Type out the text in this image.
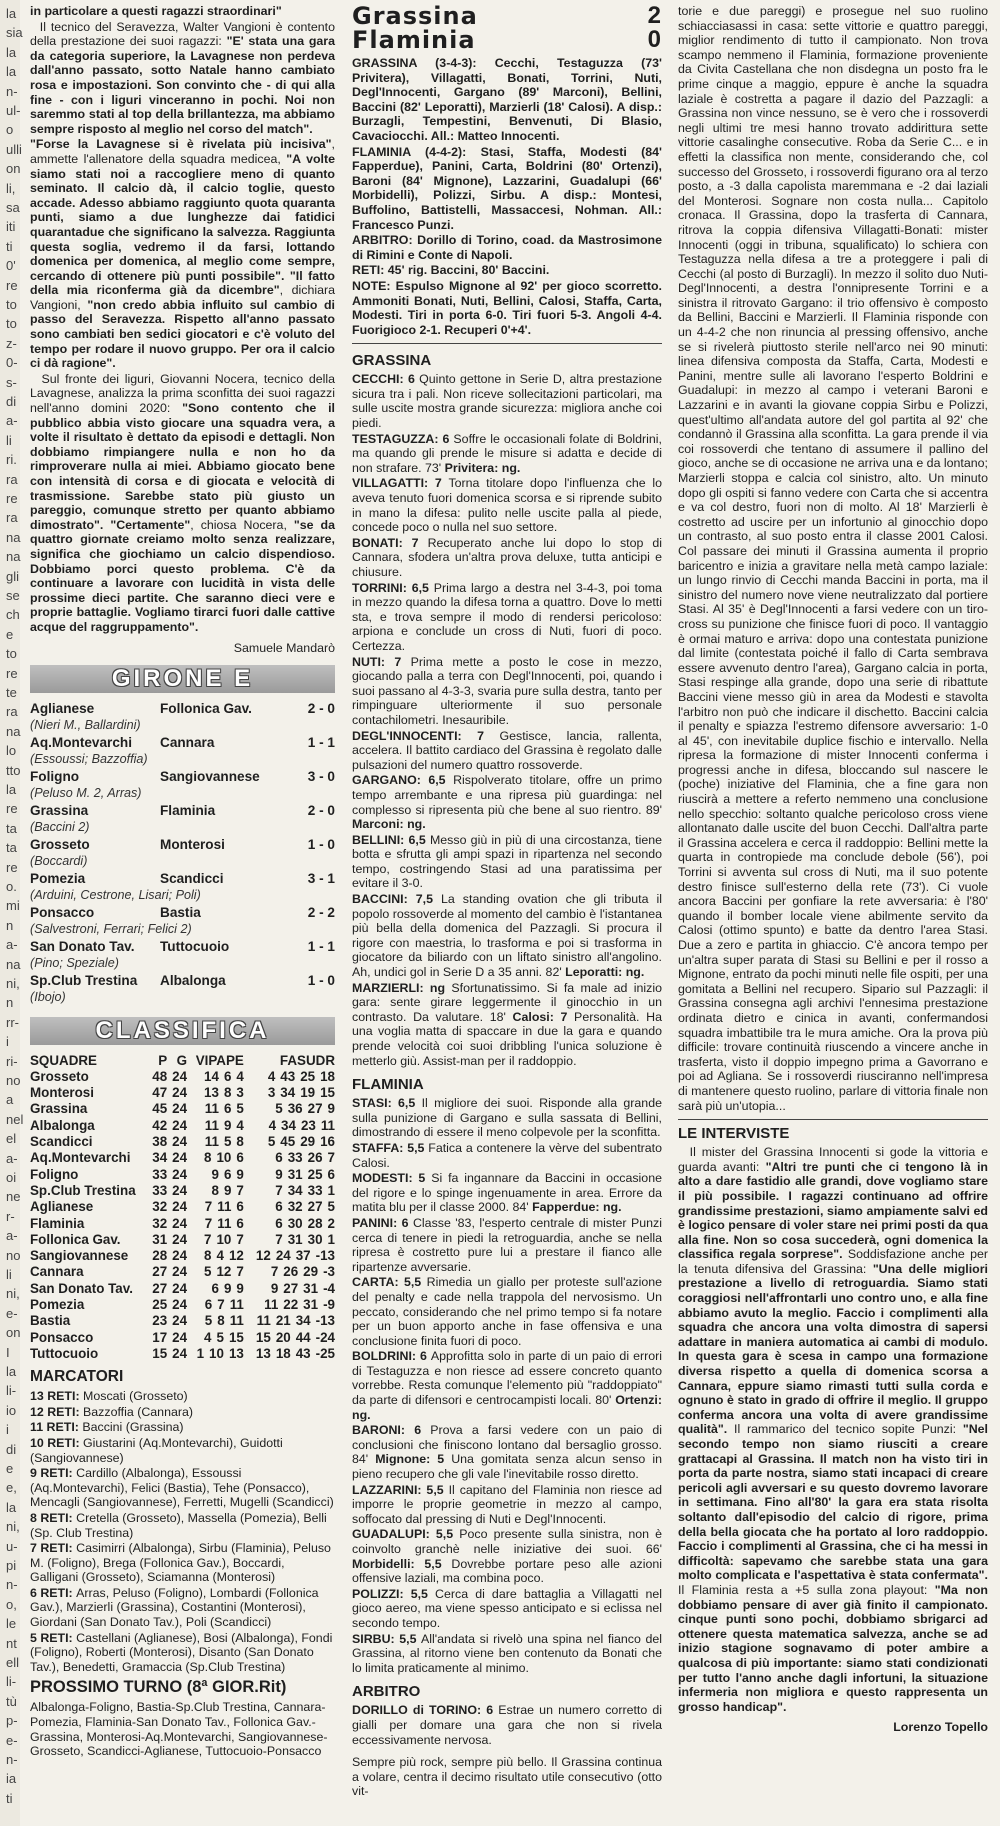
la
sia
la
la
n-
ul-
o
ulli
on
li,
sa
iti
ti
0'
re
to
to
z-
0-
s-
di
a-
li
ri.
ra
re
ra
na
na
gli
se
ch
e
to
re
te
ra
na
lo
tto
la
re
ta
ta
re
o.
mi
n
a-
na
ni,
n
rr-
i
ri-
no
a
nel
el
a-
oi
ne
r-
a-
no
li
ni,
e-
on
I
la
li-
io
i
di
e
e,
la
ni,
u-
pi
n-
o,
le
nt
ell
li-
tù
p-
e-
n-
ia
ti

in particolare a questi ragazzi straordinari"

Il tecnico del Seravezza, Walter Vangioni è contento della prestazione dei suoi ragazzi: "E' stata una gara da categoria superiore, la Lavagnese non perdeva dall'anno passato, sotto Natale hanno cambiato rosa e impostazioni. Son convinto che - di qui alla fine - con i liguri vinceranno in pochi. Noi non saremmo stati al top della brillantezza, ma abbiamo sempre risposto al meglio nel corso del match".

"Forse la Lavagnese si è rivelata più incisiva", ammette l'allenatore della squadra medicea, "A volte siamo stati noi a raccogliere meno di quanto seminato. Il calcio dà, il calcio toglie, questo accade. Adesso abbiamo raggiunto quota quaranta punti, siamo a due lunghezze dai fatidici quarantadue che significano la salvezza. Raggiunta questa soglia, vedremo il da farsi, lottando domenica per domenica, al meglio come sempre, cercando di ottenere più punti possibile". "Il fatto della mia riconferma già da dicembre", dichiara Vangioni, "non credo abbia influito sul cambio di passo del Seravezza. Rispetto all'anno passato sono cambiati ben sedici giocatori e c'è voluto del tempo per rodare il nuovo gruppo. Per ora il calcio ci dà ragione".

Sul fronte dei liguri, Giovanni Nocera, tecnico della Lavagnese, analizza la prima sconfitta dei suoi ragazzi nell'anno domini 2020: "Sono contento che il pubblico abbia visto giocare una squadra vera, a volte il risultato è dettato da episodi e dettagli. Non dobbiamo rimpiangere nulla e non ho da rimproverare nulla ai miei. Abbiamo giocato bene con intensità di corsa e di giocata e velocità di trasmissione. Sarebbe stato più giusto un pareggio, comunque stretto per quanto abbiamo dimostrato". "Certamente", chiosa Nocera, "se da quattro giornate creiamo molto senza realizzare, significa che giochiamo un calcio dispendioso. Dobbiamo porci questo problema. C'è da continuare a lavorare con lucidità in vista delle prossime dieci partite. Che saranno dieci vere e proprie battaglie. Vogliamo tirarci fuori dalle cattive acque del raggruppamento".

Samuele Mandarò
GIRONE E
Aglianese	Follonica Gav.	2 - 0
(Nieri M., Ballardini)
Aq.Montevarchi	Cannara	1 - 1
(Essoussi; Bazzoffia)
Foligno	Sangiovannese	3 - 0
(Peluso M. 2, Arras)
Grassina	Flaminia	2 - 0
(Baccini 2)
Grosseto	Monterosi	1 - 0
(Boccardi)
Pomezia	Scandicci	3 - 1
(Arduini, Cestrone, Lisari; Poli)
Ponsacco	Bastia	2 - 2
(Salvestroni, Ferrari; Felici 2)
San Donato Tav.	Tuttocuoio	1 - 1
(Pino; Speziale)
Sp.Club Trestina	Albalonga	1 - 0
(Ibojo)
CLASSIFICA
SQUADRE	P	G	VIPAPE	FASUDR
Grosseto	48	24	14 6 4	4 43 25 18
Monterosi	47	24	13 8 3	3 34 19 15
Grassina	45	24	11 6 5	5 36 27 9
Albalonga	42	24	11 9 4	4 34 23 11
Scandicci	38	24	11 5 8	5 45 29 16
Aq.Montevarchi	34	24	8 10 6	6 33 26 7
Foligno	33	24	9 6 9	9 31 25 6
Sp.Club Trestina	33	24	8 9 7	7 34 33 1
Aglianese	32	24	7 11 6	6 32 27 5
Flaminia	32	24	7 11 6	6 30 28 2
Follonica Gav.	31	24	7 10 7	7 31 30 1
Sangiovannese	28	24	8 4 12	12 24 37 -13
Cannara	27	24	5 12 7	7 26 29 -3
San Donato Tav.	27	24	6 9 9	9 27 31 -4
Pomezia	25	24	6 7 11	11 22 31 -9
Bastia	23	24	5 8 11	11 21 34 -13
Ponsacco	17	24	4 5 15	15 20 44 -24
Tuttocuoio	15	24	1 10 13	13 18 43 -25
MARCATORI

13 RETI: Moscati (Grosseto)

12 RETI: Bazzoffia (Cannara)

11 RETI: Baccini (Grassina)

10 RETI: Giustarini (Aq.Montevarchi), Guidotti (Sangiovannese)

9 RETI: Cardillo (Albalonga), Essoussi (Aq.Montevarchi), Felici (Bastia), Tehe (Ponsacco), Mencagli (Sangiovannese), Ferretti, Mugelli (Scandicci)

8 RETI: Cretella (Grosseto), Massella (Pomezia), Belli (Sp. Club Trestina)

7 RETI: Casimirri (Albalonga), Sirbu (Flaminia), Peluso M. (Foligno), Brega (Follonica Gav.), Boccardi, Galligani (Grosseto), Sciamanna (Monterosi)

6 RETI: Arras, Peluso (Foligno), Lombardi (Follonica Gav.), Marzierli (Grassina), Costantini (Monterosi), Giordani (San Donato Tav.), Poli (Scandicci)

5 RETI: Castellani (Aglianese), Bosi (Albalonga), Fondi (Foligno), Roberti (Monterosi), Disanto (San Donato Tav.), Benedetti, Gramaccia (Sp.Club Trestina)

PROSSIMO TURNO (8ª GIOR.Rit)

Albalonga-Foligno, Bastia-Sp.Club Trestina, Cannara-Pomezia, Flaminia-San Donato Tav., Follonica Gav.-Grassina, Monterosi-Aq.Montevarchi, Sangiovannese-Grosseto, Scandicci-Aglianese, Tuttocuoio-Ponsacco

Grassina	2
Flaminia	0

GRASSINA (3-4-3): Cecchi, Testaguzza (73' Privitera), Villagatti, Bonati, Torrini, Nuti, Degl'Innocenti, Gargano (89' Marconi), Bellini, Baccini (82' Leporatti), Marzierli (18' Calosi). A disp.: Burzagli, Tempestini, Benvenuti, Di Blasio, Cavaciocchi. All.: Matteo Innocenti.

FLAMINIA (4-4-2): Stasi, Staffa, Modesti (84' Fapperdue), Panini, Carta, Boldrini (80' Ortenzi), Baroni (84' Mignone), Lazzarini, Guadalupi (66' Morbidelli), Polizzi, Sirbu. A disp.: Montesi, Buffolino, Battistelli, Massaccesi, Nohman. All.: Francesco Punzi.

ARBITRO: Dorillo di Torino, coad. da Mastrosimone di Rimini e Conte di Napoli.

RETI: 45' rig. Baccini, 80' Baccini.

NOTE: Espulso Mignone al 92' per gioco scorretto. Ammoniti Bonati, Nuti, Bellini, Calosi, Staffa, Carta, Modesti. Tiri in porta 6-0. Tiri fuori 5-3. Angoli 4-4. Fuorigioco 2-1. Recuperi 0'+4'.

GRASSINA

CECCHI: 6 Quinto gettone in Serie D, altra prestazione sicura tra i pali. Non riceve sollecitazioni particolari, ma sulle uscite mostra grande sicurezza: migliora anche coi piedi.

TESTAGUZZA: 6 Soffre le occasionali folate di Boldrini, ma quando gli prende le misure si adatta e decide di non strafare. 73' Privitera: ng.

VILLAGATTI: 7 Torna titolare dopo l'influenza che lo aveva tenuto fuori domenica scorsa e si riprende subito in mano la difesa: pulito nelle uscite palla al piede, concede poco o nulla nel suo settore.

BONATI: 7 Recuperato anche lui dopo lo stop di Cannara, sfodera un'altra prova deluxe, tutta anticipi e chiusure.

TORRINI: 6,5 Prima largo a destra nel 3-4-3, poi toma in mezzo quando la difesa torna a quattro. Dove lo metti sta, e trova sempre il modo di rendersi pericoloso: arpiona e conclude un cross di Nuti, fuori di poco. Certezza.

NUTI: 7 Prima mette a posto le cose in mezzo, giocando palla a terra con Degl'Innocenti, poi, quando i suoi passano al 4-3-3, svaria pure sulla destra, tanto per rimpinguare ulteriormente il suo personale contachilometri. Inesauribile.

DEGL'INNOCENTI: 7 Gestisce, lancia, rallenta, accelera. Il battito cardiaco del Grassina è regolato dalle pulsazioni del numero quattro rossoverde.

GARGANO: 6,5 Rispolverato titolare, offre un primo tempo arrembante e una ripresa più guardinga: nel complesso si ripresenta più che bene al suo rientro. 89' Marconi: ng.

BELLINI: 6,5 Messo giù in più di una circostanza, tiene botta e sfrutta gli ampi spazi in ripartenza nel secondo tempo, costringendo Stasi ad una paratissima per evitare il 3-0.

BACCINI: 7,5 La standing ovation che gli tributa il popolo rossoverde al momento del cambio è l'istantanea più bella della domenica del Pazzagli. Si procura il rigore con maestria, lo trasforma e poi si trasforma in giocatore da biliardo con un liftato sinistro all'angolino. Ah, undici gol in Serie D a 35 anni. 82' Leporatti: ng.

MARZIERLI: ng Sfortunatissimo. Si fa male ad inizio gara: sente girare leggermente il ginocchio in un contrasto. Da valutare. 18' Calosi: 7 Personalità. Ha una voglia matta di spaccare in due la gara e quando prende velocità coi suoi dribbling l'unica soluzione è metterlo giù. Assist-man per il raddoppio.

FLAMINIA

STASI: 6,5 Il migliore dei suoi. Risponde alla grande sulla punizione di Gargano e sulla sassata di Bellini, dimostrando di essere il meno colpevole per la sconfitta.

STAFFA: 5,5 Fatica a contenere la vèrve del subentrato Calosi.

MODESTI: 5 Si fa ingannare da Baccini in occasione del rigore e lo spinge ingenuamente in area. Errore da matita blu per il classe 2000. 84' Fapperdue: ng.

PANINI: 6 Classe '83, l'esperto centrale di mister Punzi cerca di tenere in piedi la retroguardia, anche se nella ripresa è costretto pure lui a prestare il fianco alle ripartenze avversarie.

CARTA: 5,5 Rimedia un giallo per proteste sull'azione del penalty e cade nella trappola del nervosismo. Un peccato, considerando che nel primo tempo si fa notare per un buon apporto anche in fase offensiva e una conclusione finita fuori di poco.

BOLDRINI: 6 Approfitta solo in parte di un paio di errori di Testaguzza e non riesce ad essere concreto quanto vorrebbe. Resta comunque l'elemento più "raddoppiato" da parte di difensori e centrocampisti locali. 80' Ortenzi: ng.

BARONI: 6 Prova a farsi vedere con un paio di conclusioni che finiscono lontano dal bersaglio grosso. 84' Mignone: 5 Una gomitata senza alcun senso in pieno recupero che gli vale l'inevitabile rosso diretto.

LAZZARINI: 5,5 Il capitano del Flaminia non riesce ad imporre le proprie geometrie in mezzo al campo, soffocato dal pressing di Nuti e Degl'Innocenti.

GUADALUPI: 5,5 Poco presente sulla sinistra, non è coinvolto granchè nelle iniziative dei suoi. 66' Morbidelli: 5,5 Dovrebbe portare peso alle azioni offensive laziali, ma combina poco.

POLIZZI: 5,5 Cerca di dare battaglia a Villagatti nel gioco aereo, ma viene spesso anticipato e si eclissa nel secondo tempo.

SIRBU: 5,5 All'andata si rivelò una spina nel fianco del Grassina, al ritorno viene ben contenuto da Bonati che lo limita praticamente al minimo.

ARBITRO

DORILLO di TORINO: 6 Estrae un numero corretto di gialli per domare una gara che non si rivela eccessivamente nervosa.

Sempre più rock, sempre più bello. Il Grassina continua a volare, centra il decimo risultato utile consecutivo (otto vit-

torie e due pareggi) e prosegue nel suo ruolino schiacciasassi in casa: sette vittorie e quattro pareggi, miglior rendimento di tutto il campionato. Non trova scampo nemmeno il Flaminia, formazione proveniente da Civita Castellana che non disdegna un posto fra le prime cinque a maggio, eppure è anche la squadra laziale è costretta a pagare il dazio del Pazzagli: a Grassina non vince nessuno, se è vero che i rossoverdi negli ultimi tre mesi hanno trovato addirittura sette vittorie casalinghe consecutive. Roba da Serie C... e in effetti la classifica non mente, considerando che, col successo del Grosseto, i rossoverdi figurano ora al terzo posto, a -3 dalla capolista maremmana e -2 dai laziali del Monterosi. Sognare non costa nulla... Capitolo cronaca. Il Grassina, dopo la trasferta di Cannara, ritrova la coppia difensiva Villagatti-Bonati: mister Innocenti (oggi in tribuna, squalificato) lo schiera con Testaguzza nella difesa a tre a proteggere i pali di Cecchi (al posto di Burzagli). In mezzo il solito duo Nuti-Degl'Innocenti, a destra l'onnipresente Torrini e a sinistra il ritrovato Gargano: il trio offensivo è composto da Bellini, Baccini e Marzierli. Il Flaminia risponde con un 4-4-2 che non rinuncia al pressing offensivo, anche se si rivelerà piuttosto sterile nell'arco nei 90 minuti: linea difensiva composta da Staffa, Carta, Modesti e Panini, mentre sulle ali lavorano l'esperto Boldrini e Guadalupi: in mezzo al campo i veterani Baroni e Lazzarini e in avanti la giovane coppia Sirbu e Polizzi, quest'ultimo all'andata autore del gol partita al 92' che condannò il Grassina alla sconfitta. La gara prende il via coi rossoverdi che tentano di assumere il pallino del gioco, anche se di occasione ne arriva una e da lontano; Marzierli stoppa e calcia col sinistro, alto. Un minuto dopo gli ospiti si fanno vedere con Carta che si accentra e va col destro, fuori non di molto. Al 18' Marzierli è costretto ad uscire per un infortunio al ginocchio dopo un contrasto, al suo posto entra il classe 2001 Calosi. Col passare dei minuti il Grassina aumenta il proprio baricentro e inizia a gravitare nella metà campo laziale: un lungo rinvio di Cecchi manda Baccini in porta, ma il sinistro del numero nove viene neutralizzato dal portiere Stasi. Al 35' è Degl'Innocenti a farsi vedere con un tiro-cross su punizione che finisce fuori di poco. Il vantaggio è ormai maturo e arriva: dopo una contestata punizione dal limite (contestata poiché il fallo di Carta sembrava essere avvenuto dentro l'area), Gargano calcia in porta, Stasi respinge alla grande, dopo una serie di ribattute Baccini viene messo giù in area da Modesti e stavolta l'arbitro non può che indicare il dischetto. Baccini calcia il penalty e spiazza l'estremo difensore avversario: 1-0 al 45', con inevitabile duplice fischio e intervallo. Nella ripresa la formazione di mister Innocenti conferma i progressi anche in difesa, bloccando sul nascere le (poche) iniziative del Flaminia, che a fine gara non riuscirà a mettere a referto nemmeno una conclusione nello specchio: soltanto qualche pericoloso cross viene allontanato dalle uscite del buon Cecchi. Dall'altra parte il Grassina accelera e cerca il raddoppio: Bellini mette la quarta in contropiede ma conclude debole (56'), poi Torrini si avventa sul cross di Nuti, ma il suo potente destro finisce sull'esterno della rete (73'). Ci vuole ancora Baccini per gonfiare la rete avversaria: è l'80' quando il bomber locale viene abilmente servito da Calosi (ottimo spunto) e batte da dentro l'area Stasi. Due a zero e partita in ghiaccio. C'è ancora tempo per un'altra super parata di Stasi su Bellini e per il rosso a Mignone, entrato da pochi minuti nelle file ospiti, per una gomitata a Bellini nel recupero. Sipario sul Pazzagli: il Grassina consegna agli archivi l'ennesima prestazione ordinata dietro e cinica in avanti, confermandosi squadra imbattibile tra le mura amiche. Ora la prova più difficile: trovare continuità riuscendo a vincere anche in trasferta, visto il doppio impegno prima a Gavorrano e poi ad Agliana. Se i rossoverdi riusciranno nell'impresa di mantenere questo ruolino, parlare di vittoria finale non sarà più un'utopia...

LE INTERVISTE

Il mister del Grassina Innocenti si gode la vittoria e guarda avanti: "Altri tre punti che ci tengono là in alto a dare fastidio alle grandi, dove vogliamo stare il più possibile. I ragazzi continuano ad offrire grandissime prestazioni, siamo ampiamente salvi ed è logico pensare di voler stare nei primi posti da qua alla fine. Non so cosa succederà, ogni domenica la classifica regala sorprese". Soddisfazione anche per la tenuta difensiva del Grassina: "Una delle migliori prestazione a livello di retroguardia. Siamo stati coraggiosi nell'affrontarli uno contro uno, e alla fine abbiamo avuto la meglio. Faccio i complimenti alla squadra che ancora una volta dimostra di sapersi adattare in maniera automatica ai cambi di modulo. In questa gara è scesa in campo una formazione diversa rispetto a quella di domenica scorsa a Cannara, eppure siamo rimasti tutti sulla corda e ognuno è stato in grado di offrire il meglio. Il gruppo conferma ancora una volta di avere grandissime qualità". Il rammarico del tecnico sopite Punzi: "Nel secondo tempo non siamo riusciti a creare grattacapi al Grassina. Il match non ha visto tiri in porta da parte nostra, siamo stati incapaci di creare pericoli agli avversari e su questo dovremo lavorare in settimana. Fino all'80' la gara era stata risolta soltanto dall'episodio del calcio di rigore, prima della bella giocata che ha portato al loro raddoppio. Faccio i complimenti al Grassina, che ci ha messi in difficoltà: sapevamo che sarebbe stata una gara molto complicata e l'aspettativa è stata confermata". Il Flaminia resta a +5 sulla zona playout: "Ma non dobbiamo pensare di aver già finito il campionato. cinque punti sono pochi, dobbiamo sbrigarci ad ottenere questa matematica salvezza, anche se ad inizio stagione sognavamo di poter ambire a qualcosa di più importante: siamo stati condizionati per tutto l'anno anche dagli infortuni, la situazione infermeria non migliora e questo rappresenta un grosso handicap".

Lorenzo Topello
